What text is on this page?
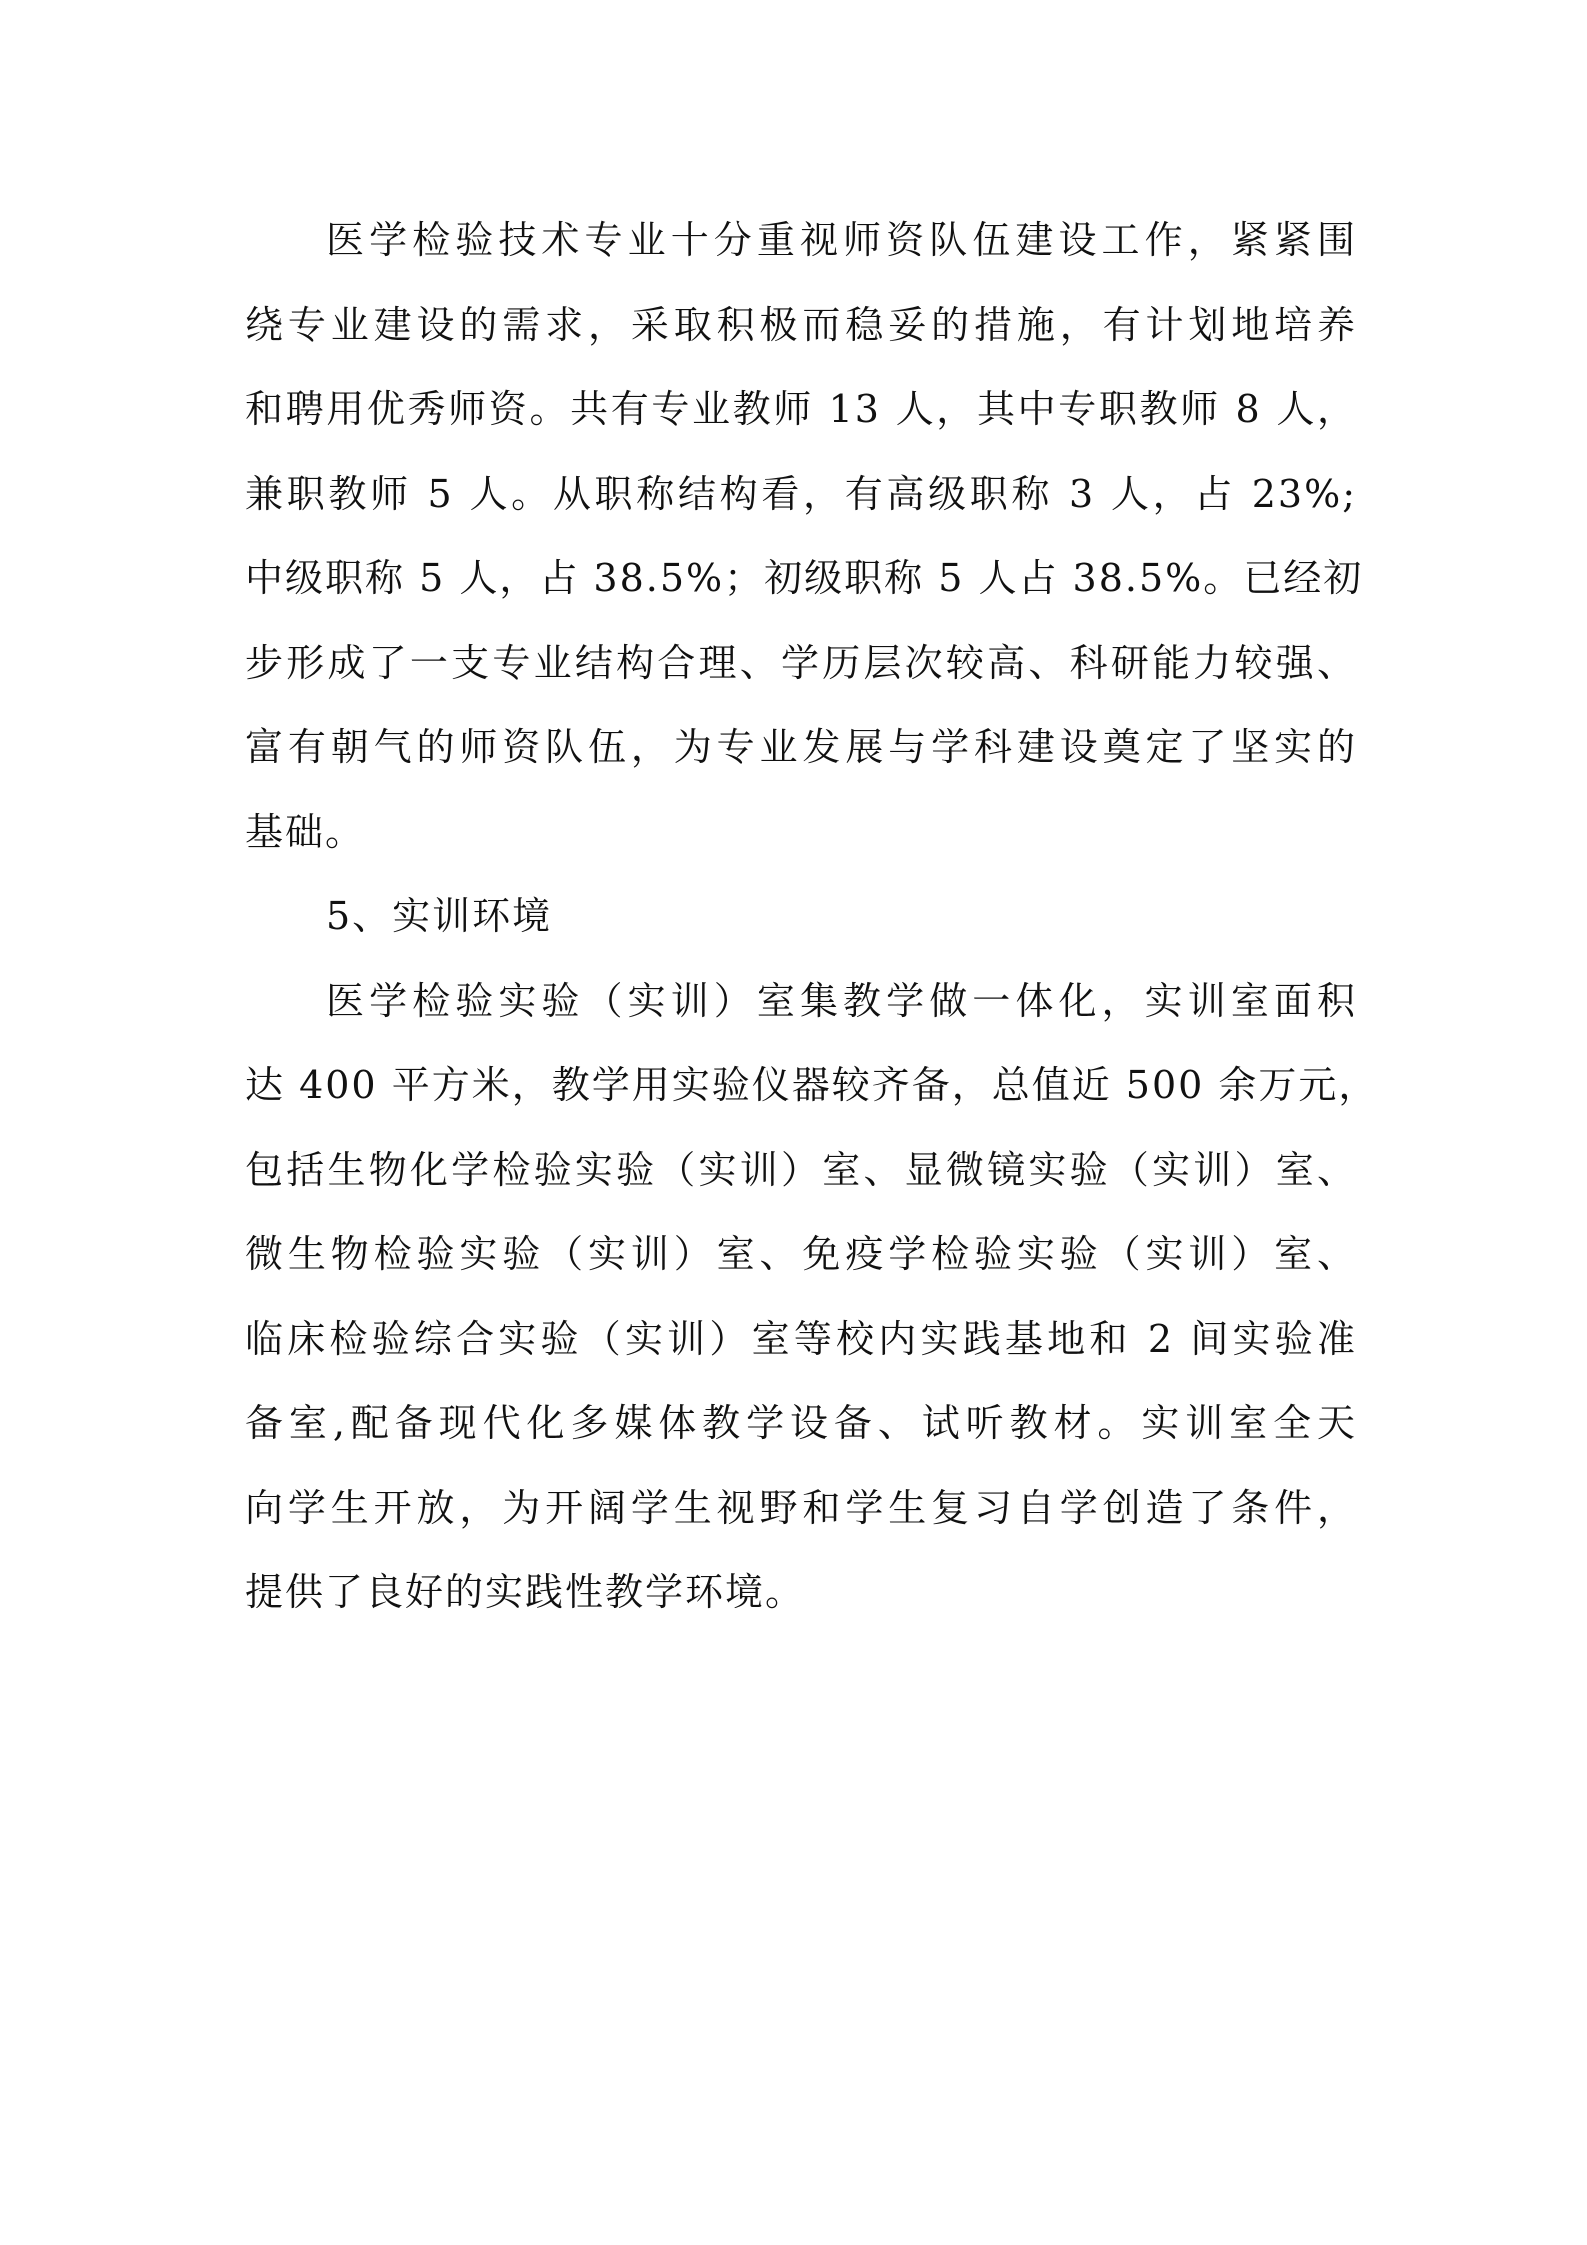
医学检验技术专业十分重视师资队伍建设工作，紧紧围
绕专业建设的需求，采取积极而稳妥的措施，有计划地培养
和聘用优秀师资。共有专业教师 13 人，其中专职教师 8 人，
兼职教师 5 人。从职称结构看，有高级职称 3 人，占 23%;
中级职称 5 人，占 38.5%；初级职称 5 人占 38.5%。已经初
步形成了一支专业结构合理、学历层次较高、科研能力较强、
富有朝气的师资队伍，为专业发展与学科建设奠定了坚实的
基础。
5、实训环境
医学检验实验（实训）室集教学做一体化，实训室面积
达 400 平方米，教学用实验仪器较齐备，总值近 500 余万元，
包括生物化学检验实验（实训）室、显微镜实验（实训）室、
微生物检验实验（实训）室、免疫学检验实验（实训）室、
临床检验综合实验（实训）室等校内实践基地和 2 间实验准
备室,配备现代化多媒体教学设备、试听教材。实训室全天
向学生开放，为开阔学生视野和学生复习自学创造了条件，
提供了良好的实践性教学环境。
